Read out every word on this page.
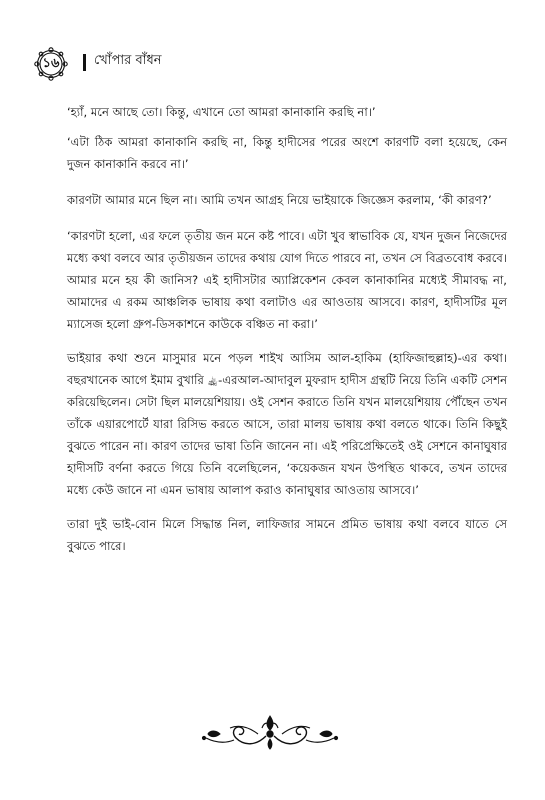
১৬	খোঁপার বাঁধন

‘হ্যাঁ, মনে আছে তো। কিন্তু, এখানে তো আমরা কানাকানি করছি না।’

‘এটা ঠিক আমরা কানাকানি করছি না, কিন্তু হাদীসের পরের অংশে কারণটি বলা হয়েছে, কেন দুজন কানাকানি করবে না।’

কারণটা আমার মনে ছিল না। আমি তখন আগ্রহ নিয়ে ভাইয়াকে জিজ্ঞেস করলাম, ‘কী কারণ?’

‘কারণটা হলো, এর ফলে তৃতীয় জন মনে কষ্ট পাবে। এটা খুব স্বাভাবিক যে, যখন দুজন নিজেদের মধ্যে কথা বলবে আর তৃতীয়জন তাদের কথায় যোগ দিতে পারবে না, তখন সে বিব্রতবোধ করবে। আমার মনে হয় কী জানিস? এই হাদীসটার অ্যাপ্লিকেশন কেবল কানাকানির মধ্যেই সীমাবদ্ধ না, আমাদের এ রকম আঞ্চলিক ভাষায় কথা বলাটাও এর আওতায় আসবে। কারণ, হাদীসটির মূল ম্যাসেজ হলো গ্রুপ-ডিসকাশনে কাউকে বঞ্চিত না করা।’

ভাইয়ার কথা শুনে মাসুমার মনে পড়ল শাইখ আসিম আল-হাকিম (হাফিজাহুল্লাহ)-এর কথা। বছরখানেক আগে ইমাম বুখারি ﵀-এরআল-আদাবুল মুফরাদ হাদীস গ্রন্থটি নিয়ে তিনি একটি সেশন করিয়েছিলেন। সেটা ছিল মালয়েশিয়ায়। ওই সেশন করাতে তিনি যখন মালয়েশিয়ায় পৌঁছেন তখন তাঁকে এয়ারপোর্টে যারা রিসিভ করতে আসে, তারা মালয় ভাষায় কথা বলতে থাকে। তিনি কিছুই বুঝতে পারেন না। কারণ তাদের ভাষা তিনি জানেন না। এই পরিপ্রেক্ষিতেই ওই সেশনে কানাঘুষার হাদীসটি বর্ণনা করতে গিয়ে তিনি বলেছিলেন, ‘কয়েকজন যখন উপস্থিত থাকবে, তখন তাদের মধ্যে কেউ জানে না এমন ভাষায় আলাপ করাও কানাঘুষার আওতায় আসবে।’

তারা দুই ভাই-বোন মিলে সিদ্ধান্ত নিল, লাফিজার সামনে প্রমিত ভাষায় কথা বলবে যাতে সে বুঝতে পারে।
